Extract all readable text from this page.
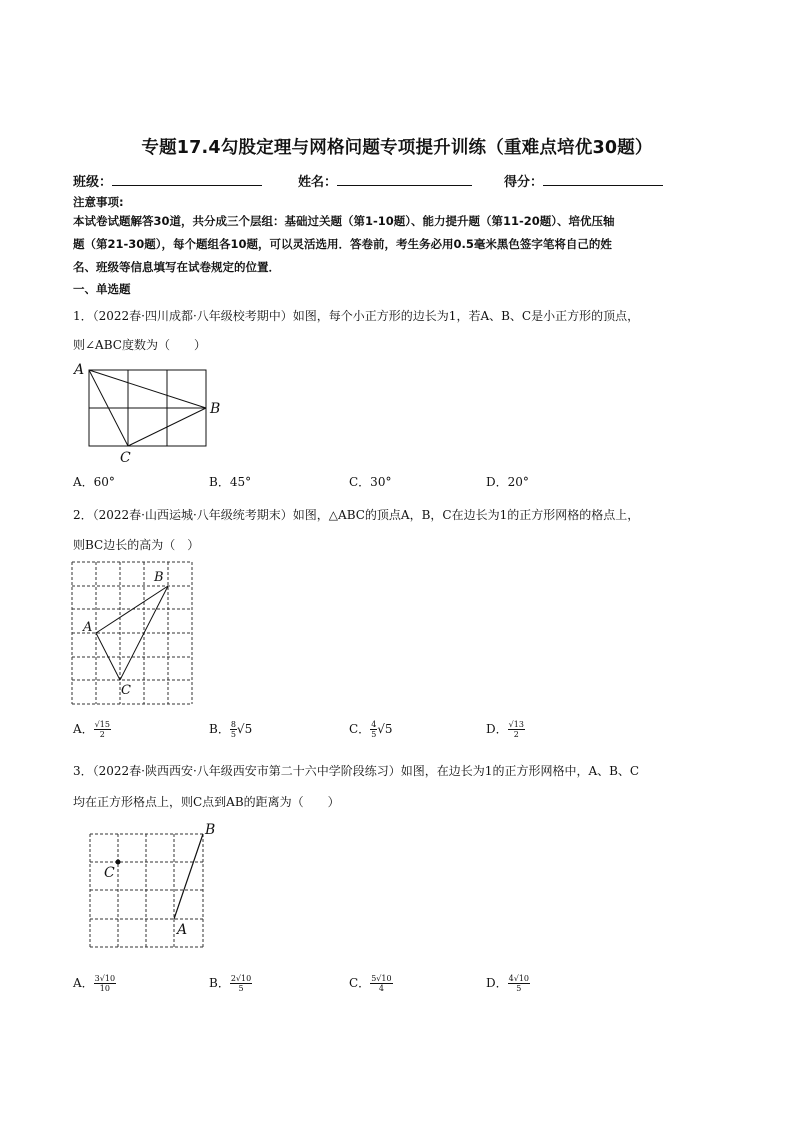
专题17.4勾股定理与网格问题专项提升训练（重难点培优30题）
班级：	姓名：	得分：
注意事项:
本试卷试题解答30道，共分成三个层组：基础过关题（第1-10题）、能力提升题（第11-20题）、培优压轴
题（第21-30题），每个题组各10题，可以灵活选用．答卷前，考生务必用0.5毫米黑色签字笔将自己的姓
名、班级等信息填写在试卷规定的位置．
一、单选题
1．（2022春·四川成都·八年级校考期中）如图，每个小正方形的边长为1，若A、B、C是小正方形的顶点，
则∠ABC度数为（　　）
A
B
C
A．60°	B．45°	C．30°	D．20°
2．（2022春·山西运城·八年级统考期末）如图，△ABC的顶点A，B，C在边长为1的正方形网格的格点上，
则BC边长的高为（　）
A
B
C
A． $\frac{√15}{2}$	B． $\frac{8}{5} √5$	C． $\frac{4}{5} √5$	D． $\frac{√13}{2}$
3．（2022春·陕西西安·八年级西安市第二十六中学阶段练习）如图，在边长为1的正方形网格中，A、B、C
均在正方形格点上，则C点到AB的距离为（　　）
C
B
A
A． $\frac{3√10}{10}$	B． $\frac{2√10}{5}$	C． $\frac{5√10}{4}$	D． $\frac{4√10}{5}$
